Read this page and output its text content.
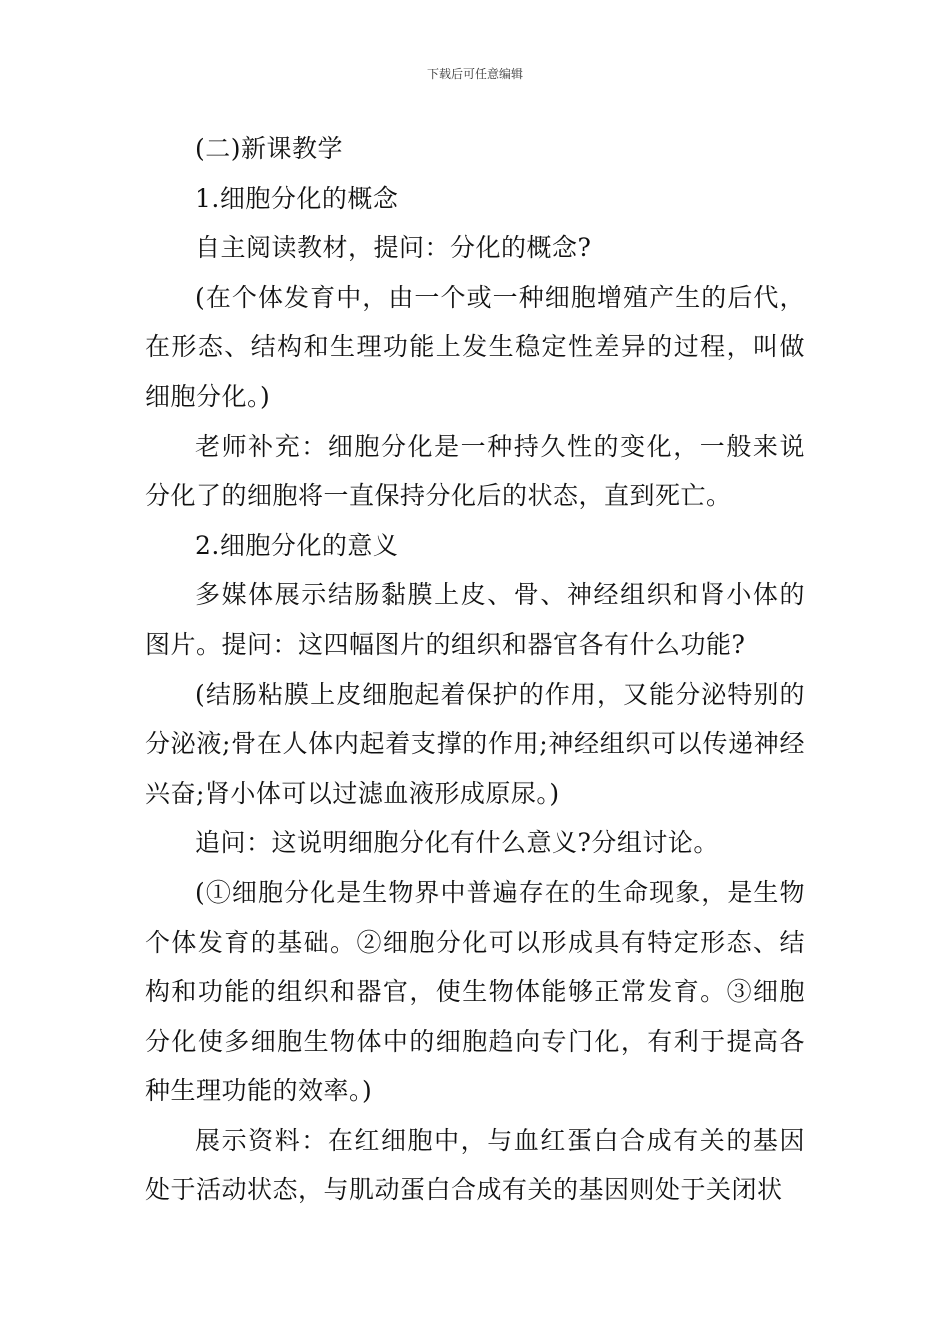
下载后可任意编辑

(二)新课教学

1.细胞分化的概念

自主阅读教材，提问：分化的概念?

(在个体发育中，由一个或一种细胞增殖产生的后代，在形态、结构和生理功能上发生稳定性差异的过程，叫做细胞分化。)

老师补充：细胞分化是一种持久性的变化，一般来说分化了的细胞将一直保持分化后的状态，直到死亡。

2.细胞分化的意义

多媒体展示结肠黏膜上皮、骨、神经组织和肾小体的图片。提问：这四幅图片的组织和器官各有什么功能?

(结肠粘膜上皮细胞起着保护的作用，又能分泌特别的分泌液;骨在人体内起着支撑的作用;神经组织可以传递神经兴奋;肾小体可以过滤血液形成原尿。)

追问：这说明细胞分化有什么意义?分组讨论。

(①细胞分化是生物界中普遍存在的生命现象，是生物个体发育的基础。②细胞分化可以形成具有特定形态、结构和功能的组织和器官，使生物体能够正常发育。③细胞分化使多细胞生物体中的细胞趋向专门化，有利于提高各种生理功能的效率。)

展示资料：在红细胞中，与血红蛋白合成有关的基因处于活动状态，与肌动蛋白合成有关的基因则处于关闭状
